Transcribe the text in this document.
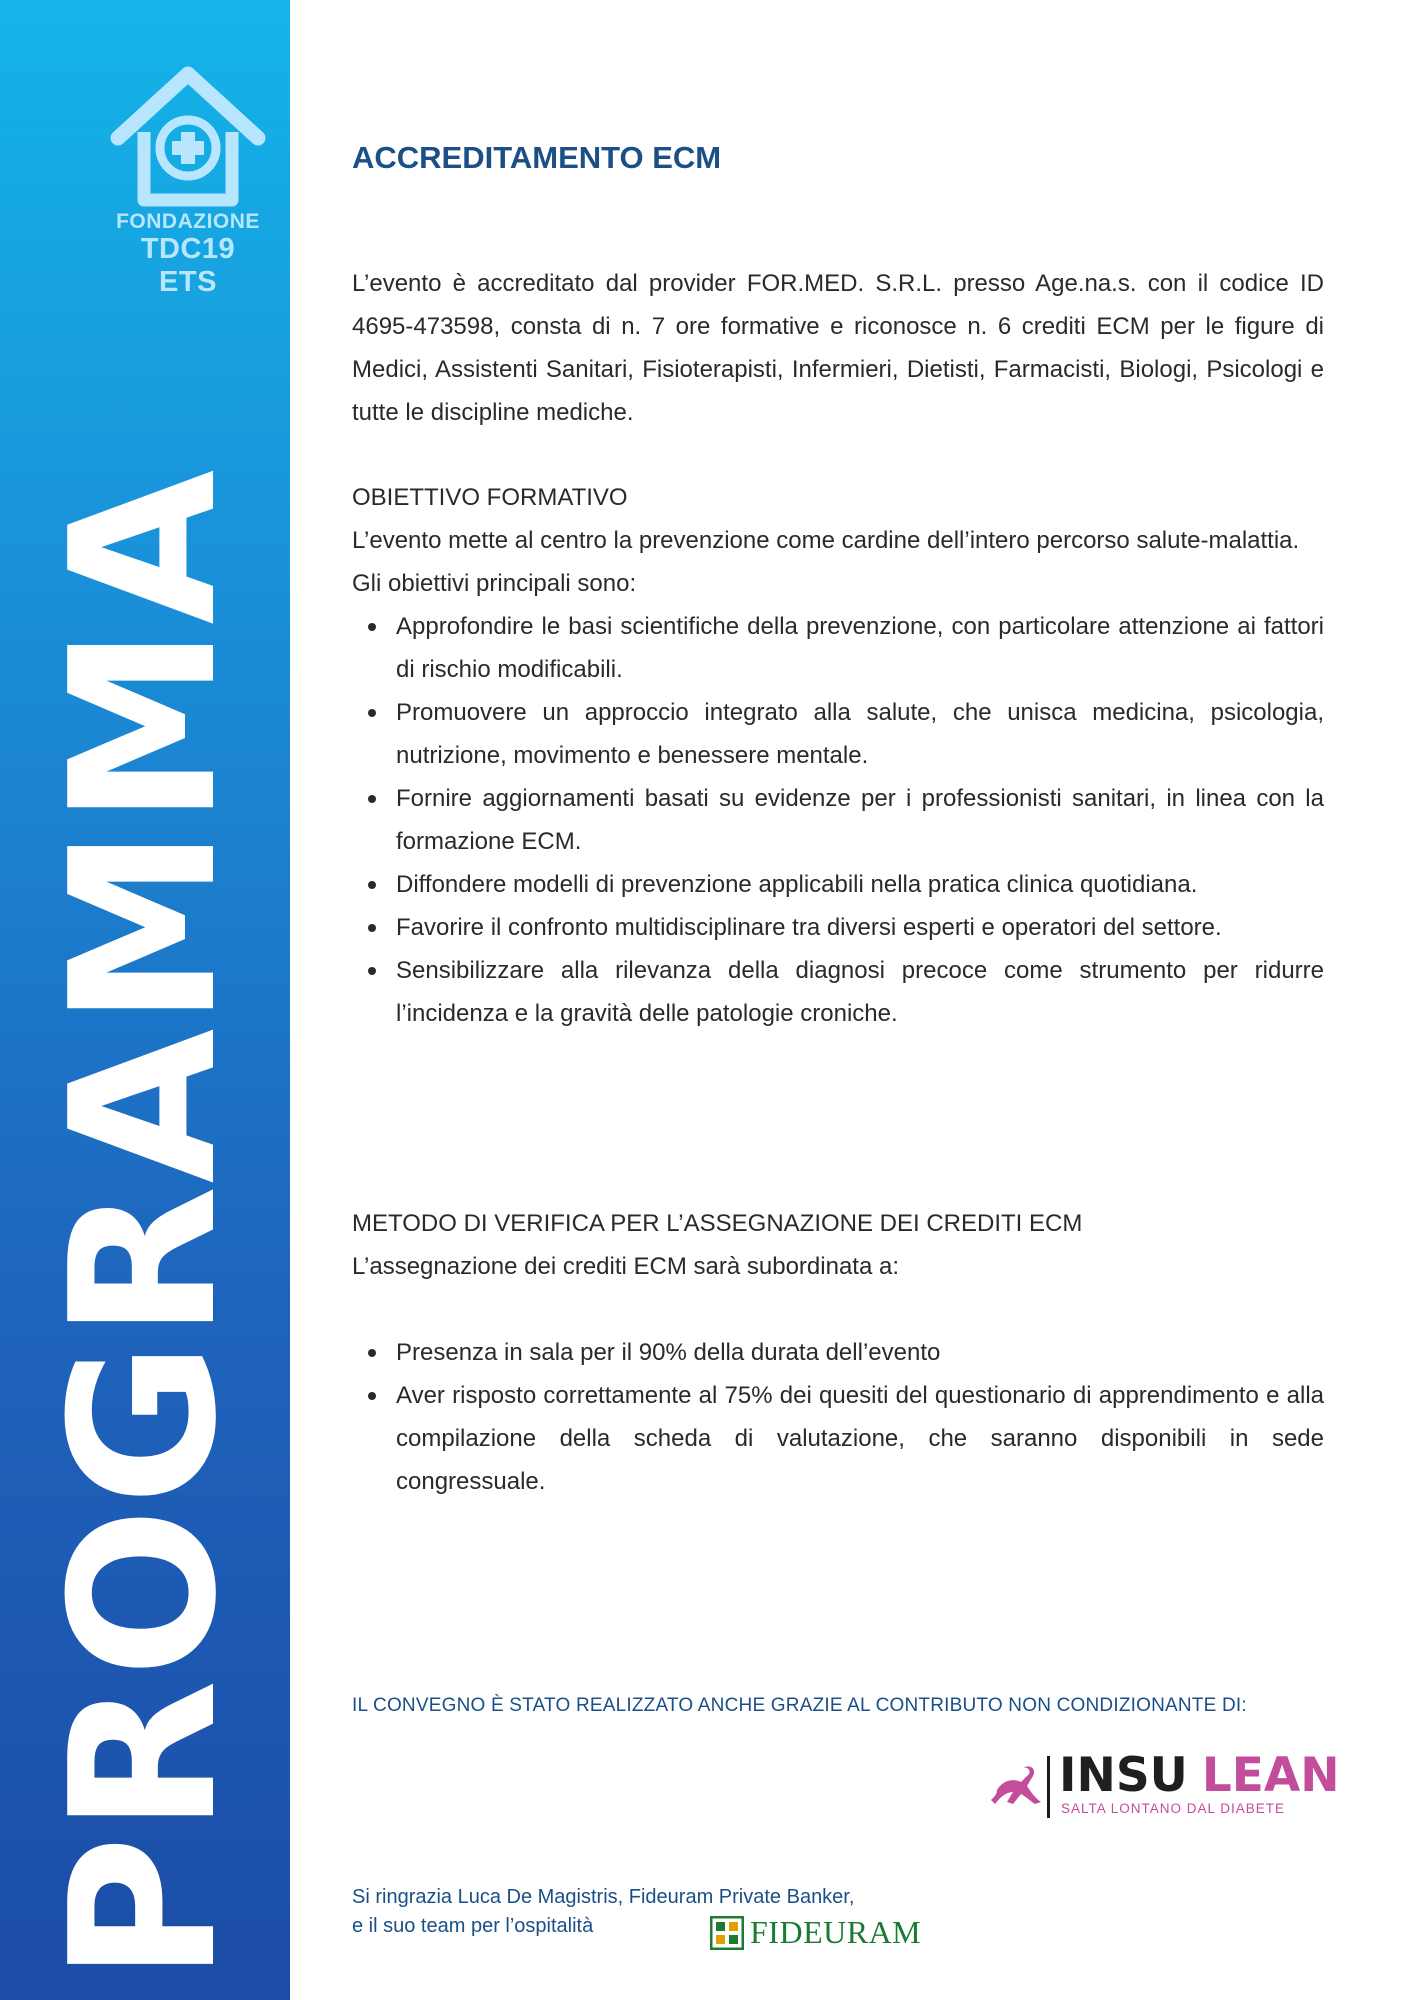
FONDAZIONE
TDC19 ETS
PROGRAMMA
ACCREDITAMENTO ECM

L’evento è accreditato dal provider FOR.MED. S.R.L. presso Age.na.s. con il codice ID 4695-473598, consta di n. 7 ore formative e riconosce n. 6 crediti ECM per le figure di Medici, Assistenti Sanitari, Fisioterapisti, Infermieri, Dietisti, Farmacisti, Biologi, Psicologi e tutte le discipline mediche.

OBIETTIVO FORMATIVO

L’evento mette al centro la prevenzione come cardine dell’intero percorso salute-malattia.

Gli obiettivi principali sono:

Approfondire le basi scientifiche della prevenzione, con particolare attenzione ai fattori di rischio modificabili.
Promuovere un approccio integrato alla salute, che unisca medicina, psicologia, nutrizione, movimento e benessere mentale.
Fornire aggiornamenti basati su evidenze per i professionisti sanitari, in linea con la formazione ECM.
Diffondere modelli di prevenzione applicabili nella pratica clinica quotidiana.
Favorire il confronto multidisciplinare tra diversi esperti e operatori del settore.
Sensibilizzare alla rilevanza della diagnosi precoce come strumento per ridurre l’incidenza e la gravità delle patologie croniche.

METODO DI VERIFICA PER L’ASSEGNAZIONE DEI CREDITI ECM

L’assegnazione dei crediti ECM sarà subordinata a:

Presenza in sala per il 90% della durata dell’evento
Aver risposto correttamente al 75% dei quesiti del questionario di apprendimento e alla compilazione della scheda di valutazione, che saranno disponibili in sede congressuale.

IL CONVEGNO È STATO REALIZZATO ANCHE GRAZIE AL CONTRIBUTO NON CONDIZIONANTE DI:

INSU LEAN
SALTA LONTANO DAL DIABETE

Si ringrazia Luca De Magistris, Fideuram Private Banker,
e il suo team per l’ospitalità	FIDEURAM
